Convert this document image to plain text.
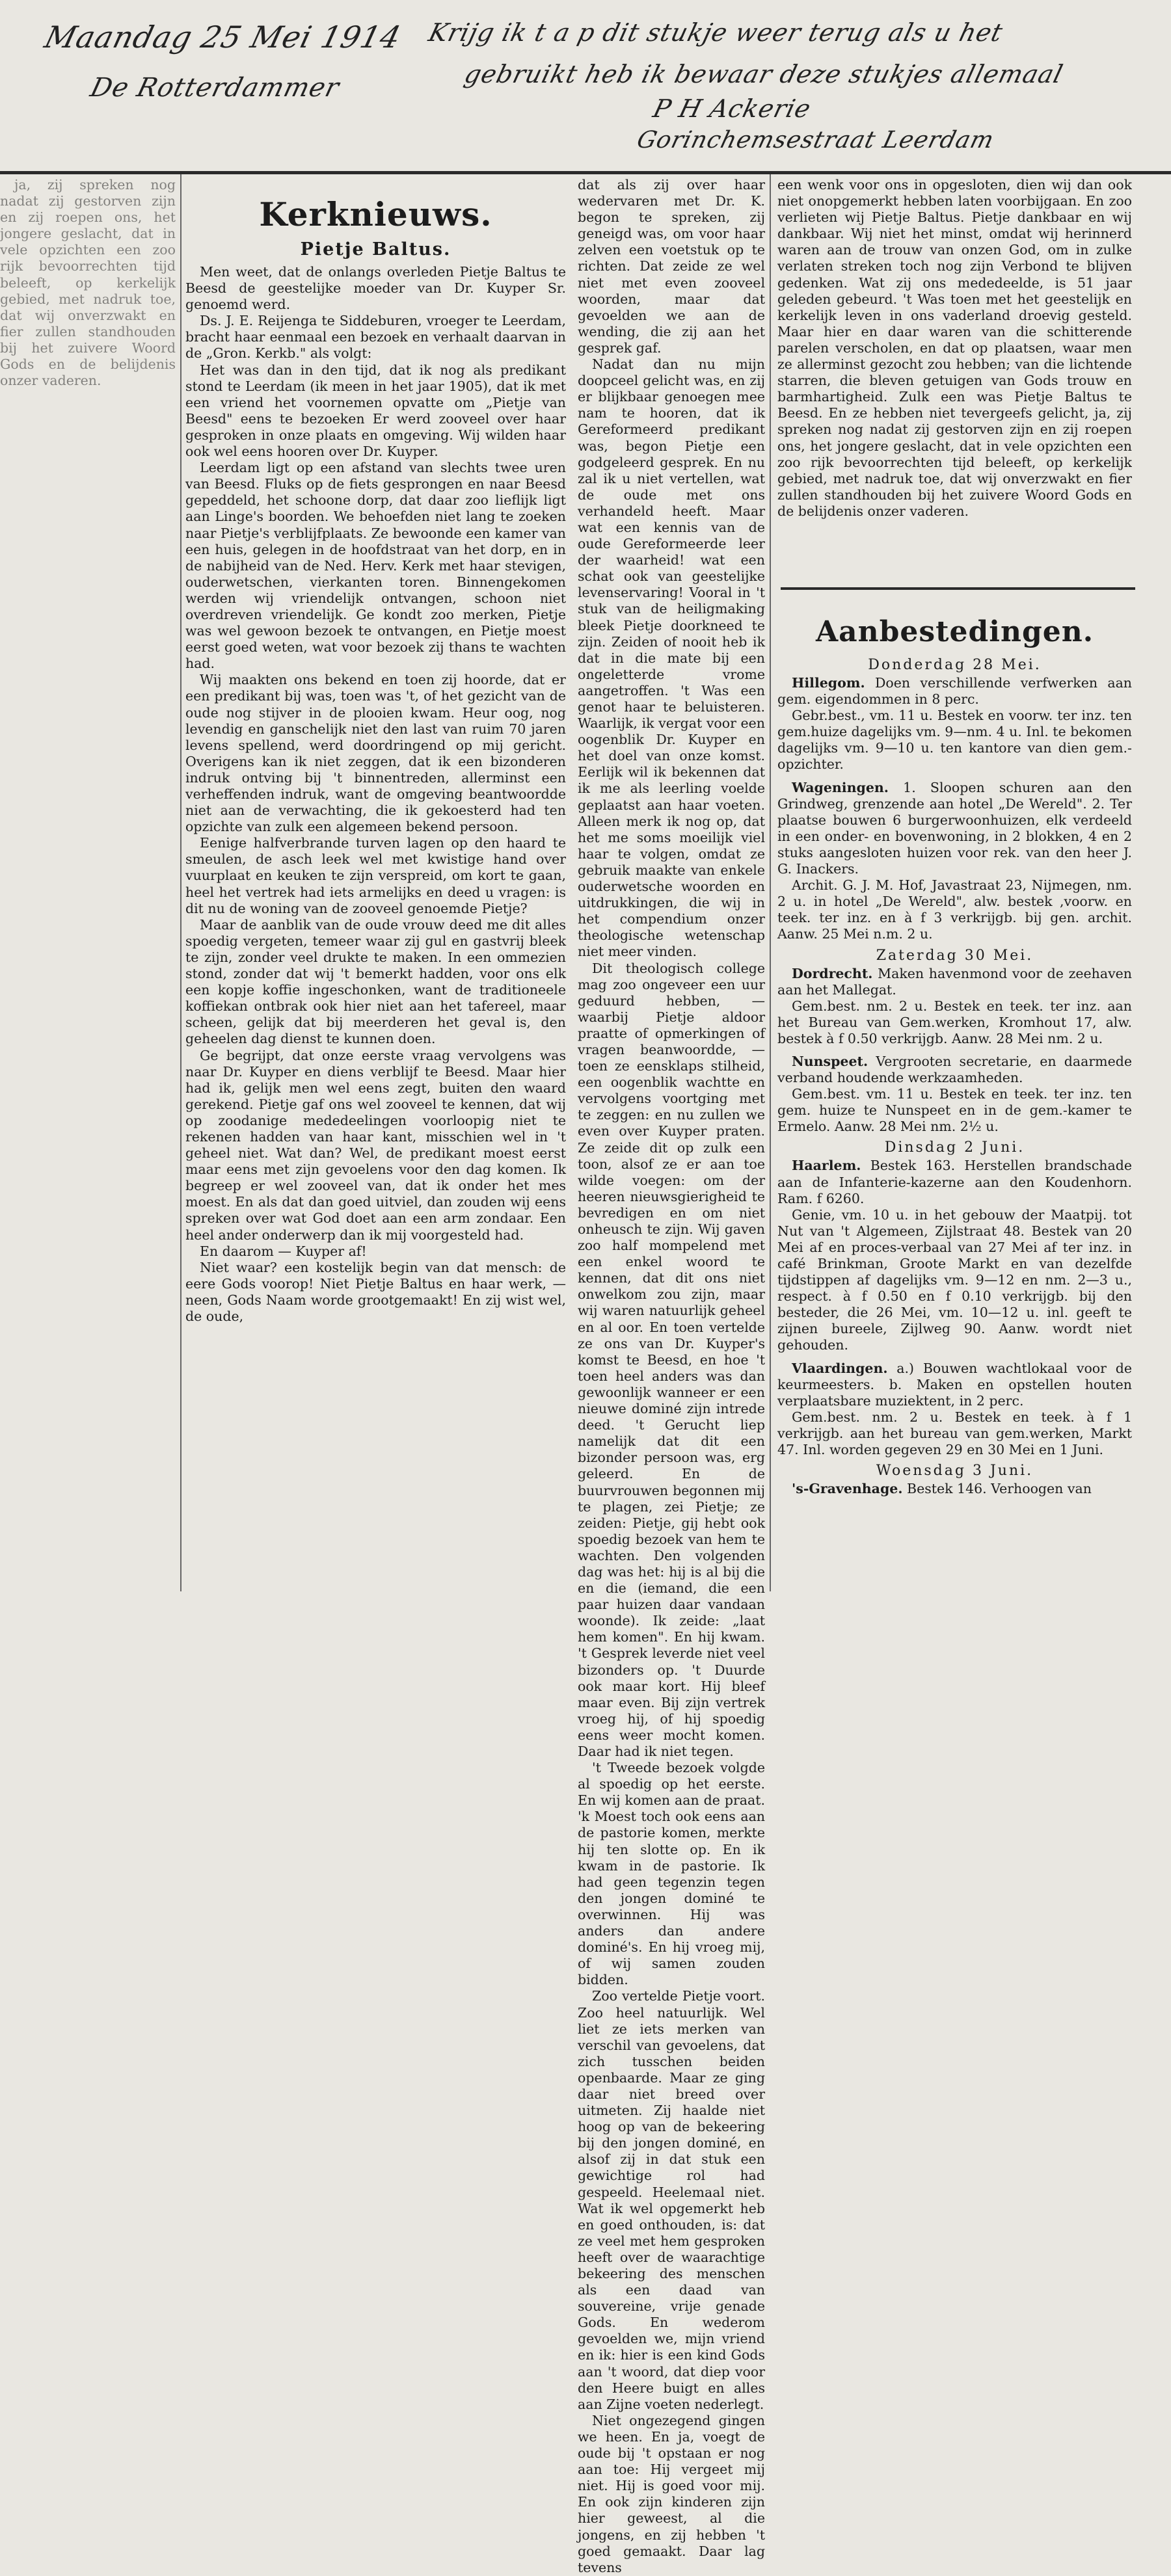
Maandag 25 Mei 1914
De Rotterdammer
Krijg ik t a p dit stukje weer terug als u het
gebruikt heb ik bewaar deze stukjes allemaal
P H Ackerie
Gorinchemsestraat Leerdam

ja, zij spreken nog nadat zij gestorven zijn en zij roepen ons, het jongere geslacht, dat in vele opzichten een zoo rijk bevoorrechten tijd beleeft, op kerkelijk gebied, met nadruk toe, dat wij onverzwakt en fier zullen standhouden bij het zuivere Woord Gods en de belijdenis onzer vaderen.

Kerknieuws.
Pietje Baltus.

Men weet, dat de onlangs overleden Pietje Baltus te Beesd de geestelijke moeder van Dr. Kuyper Sr. genoemd werd.

Ds. J. E. Reijenga te Siddeburen, vroeger te Leerdam, bracht haar eenmaal een bezoek en verhaalt daarvan in de „Gron. Kerkb." als volgt:

Het was dan in den tijd, dat ik nog als predikant stond te Leerdam (ik meen in het jaar 1905), dat ik met een vriend het voornemen opvatte om „Pietje van Beesd" eens te bezoeken Er werd zooveel over haar gesproken in onze plaats en omgeving. Wij wilden haar ook wel eens hooren over Dr. Kuyper.

Leerdam ligt op een afstand van slechts twee uren van Beesd. Fluks op de fiets gesprongen en naar Beesd gepeddeld, het schoone dorp, dat daar zoo lieflijk ligt aan Linge's boorden. We behoefden niet lang te zoeken naar Pietje's verblijfplaats. Ze bewoonde een kamer van een huis, gelegen in de hoofdstraat van het dorp, en in de nabijheid van de Ned. Herv. Kerk met haar stevigen, ouderwetschen, vierkanten toren. Binnengekomen werden wij vriendelijk ontvangen, schoon niet overdreven vriendelijk. Ge kondt zoo merken, Pietje was wel gewoon bezoek te ontvangen, en Pietje moest eerst goed weten, wat voor bezoek zij thans te wachten had.

Wij maakten ons bekend en toen zij hoorde, dat er een predikant bij was, toen was 't, of het gezicht van de oude nog stijver in de plooien kwam. Heur oog, nog levendig en ganschelijk niet den last van ruim 70 jaren levens spellend, werd doordringend op mij gericht. Overigens kan ik niet zeggen, dat ik een bizonderen indruk ontving bij 't binnentreden, allerminst een verheffenden indruk, want de omgeving beantwoordde niet aan de verwachting, die ik gekoesterd had ten opzichte van zulk een algemeen bekend persoon.

Eenige halfverbrande turven lagen op den haard te smeulen, de asch leek wel met kwistige hand over vuurplaat en keuken te zijn verspreid, om kort te gaan, heel het vertrek had iets armelijks en deed u vragen: is dit nu de woning van de zooveel genoemde Pietje?

Maar de aanblik van de oude vrouw deed me dit alles spoedig vergeten, temeer waar zij gul en gastvrij bleek te zijn, zonder veel drukte te maken. In een ommezien stond, zonder dat wij 't bemerkt hadden, voor ons elk een kopje koffie ingeschonken, want de traditioneele koffiekan ontbrak ook hier niet aan het tafereel, maar scheen, gelijk dat bij meerderen het geval is, den geheelen dag dienst te kunnen doen.

Ge begrijpt, dat onze eerste vraag vervolgens was naar Dr. Kuyper en diens verblijf te Beesd. Maar hier had ik, gelijk men wel eens zegt, buiten den waard gerekend. Pietje gaf ons wel zooveel te kennen, dat wij op zoodanige mededeelingen voorloopig niet te rekenen hadden van haar kant, misschien wel in 't geheel niet. Wat dan? Wel, de predikant moest eerst maar eens met zijn gevoelens voor den dag komen. Ik begreep er wel zooveel van, dat ik onder het mes moest. En als dat dan goed uitviel, dan zouden wij eens spreken over wat God doet aan een arm zondaar. Een heel ander onderwerp dan ik mij voorgesteld had.

En daarom — Kuyper af!

Niet waar? een kostelijk begin van dat mensch: de eere Gods voorop! Niet Pietje Baltus en haar werk, — neen, Gods Naam worde grootgemaakt! En zij wist wel, de oude,

dat als zij over haar wedervaren met Dr. K. begon te spreken, zij geneigd was, om voor haar zelven een voetstuk op te richten. Dat zeide ze wel niet met even zooveel woorden, maar dat gevoelden we aan de wending, die zij aan het gesprek gaf.

Nadat dan nu mijn doopceel gelicht was, en zij er blijkbaar genoegen mee nam te hooren, dat ik Gereformeerd predikant was, begon Pietje een godgeleerd gesprek. En nu zal ik u niet vertellen, wat de oude met ons verhandeld heeft. Maar wat een kennis van de oude Gereformeerde leer der waarheid! wat een schat ook van geestelijke levenservaring! Vooral in 't stuk van de heiligmaking bleek Pietje doorkneed te zijn. Zeiden of nooit heb ik dat in die mate bij een ongeletterde vrome aangetroffen. 't Was een genot haar te beluisteren. Waarlijk, ik vergat voor een oogenblik Dr. Kuyper en het doel van onze komst. Eerlijk wil ik bekennen dat ik me als leerling voelde geplaatst aan haar voeten. Alleen merk ik nog op, dat het me soms moeilijk viel haar te volgen, omdat ze gebruik maakte van enkele ouderwetsche woorden en uitdrukkingen, die wij in het compendium onzer theologische wetenschap niet meer vinden.

Dit theologisch college mag zoo ongeveer een uur geduurd hebben, — waarbij Pietje aldoor praatte of opmerkingen of vragen beanwoordde, — toen ze eensklaps stilheid, een oogenblik wachtte en vervolgens voortging met te zeggen: en nu zullen we even over Kuyper praten. Ze zeide dit op zulk een toon, alsof ze er aan toe wilde voegen: om der heeren nieuwsgierigheid te bevredigen en om niet onheusch te zijn. Wij gaven zoo half mompelend met een enkel woord te kennen, dat dit ons niet onwelkom zou zijn, maar wij waren natuurlijk geheel en al oor. En toen vertelde ze ons van Dr. Kuyper's komst te Beesd, en hoe 't toen heel anders was dan gewoonlijk wanneer er een nieuwe dominé zijn intrede deed. 't Gerucht liep namelijk dat dit een bizonder persoon was, erg geleerd. En de buurvrouwen begonnen mij te plagen, zei Pietje; ze zeiden: Pietje, gij hebt ook spoedig bezoek van hem te wachten. Den volgenden dag was het: hij is al bij die en die (iemand, die een paar huizen daar vandaan woonde). Ik zeide: „laat hem komen". En hij kwam. 't Gesprek leverde niet veel bizonders op. 't Duurde ook maar kort. Hij bleef maar even. Bij zijn vertrek vroeg hij, of hij spoedig eens weer mocht komen. Daar had ik niet tegen.

't Tweede bezoek volgde al spoedig op het eerste. En wij komen aan de praat. 'k Moest toch ook eens aan de pastorie komen, merkte hij ten slotte op. En ik kwam in de pastorie. Ik had geen tegenzin tegen den jongen dominé te overwinnen. Hij was anders dan andere dominé's. En hij vroeg mij, of wij samen zouden bidden.

Zoo vertelde Pietje voort. Zoo heel natuurlijk. Wel liet ze iets merken van verschil van gevoelens, dat zich tusschen beiden openbaarde. Maar ze ging daar niet breed over uitmeten. Zij haalde niet hoog op van de bekeering bij den jongen dominé, en alsof zij in dat stuk een gewichtige rol had gespeeld. Heelemaal niet. Wat ik wel opgemerkt heb en goed onthouden, is: dat ze veel met hem gesproken heeft over de waarachtige bekeering des menschen als een daad van souvereine, vrije genade Gods. En wederom gevoelden we, mijn vriend en ik: hier is een kind Gods aan 't woord, dat diep voor den Heere buigt en alles aan Zijne voeten nederlegt.

Niet ongezegend gingen we heen. En ja, voegt de oude bij 't opstaan er nog aan toe: Hij vergeet mij niet. Hij is goed voor mij. En ook zijn kinderen zijn hier geweest, al die jongens, en zij hebben 't goed gemaakt. Daar lag tevens

een wenk voor ons in opgesloten, dien wij dan ook niet onopgemerkt hebben laten voorbijgaan. En zoo verlieten wij Pietje Baltus. Pietje dankbaar en wij dankbaar. Wij niet het minst, omdat wij herinnerd waren aan de trouw van onzen God, om in zulke verlaten streken toch nog zijn Verbond te blijven gedenken. Wat zij ons mededeelde, is 51 jaar geleden gebeurd. 't Was toen met het geestelijk en kerkelijk leven in ons vaderland droevig gesteld. Maar hier en daar waren van die schitterende parelen verscholen, en dat op plaatsen, waar men ze allerminst gezocht zou hebben; van die lichtende starren, die bleven getuigen van Gods trouw en barmhartigheid. Zulk een was Pietje Baltus te Beesd. En ze hebben niet tevergeefs gelicht, ja, zij spreken nog nadat zij gestorven zijn en zij roepen ons, het jongere geslacht, dat in vele opzichten een zoo rijk bevoorrechten tijd beleeft, op kerkelijk gebied, met nadruk toe, dat wij onverzwakt en fier zullen standhouden bij het zuivere Woord Gods en de belijdenis onzer vaderen.

Aanbestedingen.
Donderdag 28 Mei.

Hillegom. Doen verschillende verfwerken aan gem. eigendommen in 8 perc.

Gebr.best., vm. 11 u. Bestek en voorw. ter inz. ten gem.huize dagelijks vm. 9—nm. 4 u. Inl. te bekomen dagelijks vm. 9—10 u. ten kantore van dien gem.-opzichter.

Wageningen. 1. Sloopen schuren aan den Grindweg, grenzende aan hotel „De Wereld". 2. Ter plaatse bouwen 6 burgerwoonhuizen, elk verdeeld in een onder- en bovenwoning, in 2 blokken, 4 en 2 stuks aangesloten huizen voor rek. van den heer J. G. Inackers.

Archit. G. J. M. Hof, Javastraat 23, Nijmegen, nm. 2 u. in hotel „De Wereld", alw. bestek ,voorw. en teek. ter inz. en à f 3 verkrijgb. bij gen. archit. Aanw. 25 Mei n.m. 2 u.

Zaterdag 30 Mei.

Dordrecht. Maken havenmond voor de zeehaven aan het Mallegat.

Gem.best. nm. 2 u. Bestek en teek. ter inz. aan het Bureau van Gem.werken, Kromhout 17, alw. bestek à f 0.50 verkrijgb. Aanw. 28 Mei nm. 2 u.

Nunspeet. Vergrooten secretarie, en daarmede verband houdende werkzaamheden.

Gem.best. vm. 11 u. Bestek en teek. ter inz. ten gem. huize te Nunspeet en in de gem.-kamer te Ermelo. Aanw. 28 Mei nm. 2½ u.

Dinsdag 2 Juni.

Haarlem. Bestek 163. Herstellen brandschade aan de Infanterie-kazerne aan den Koudenhorn. Ram. f 6260.

Genie, vm. 10 u. in het gebouw der Maatpij. tot Nut van 't Algemeen, Zijlstraat 48. Bestek van 20 Mei af en proces-verbaal van 27 Mei af ter inz. in café Brinkman, Groote Markt en van dezelfde tijdstippen af dagelijks vm. 9—12 en nm. 2—3 u., respect. à f 0.50 en f 0.10 verkrijgb. bij den besteder, die 26 Mei, vm. 10—12 u. inl. geeft te zijnen bureele, Zijlweg 90. Aanw. wordt niet gehouden.

Vlaardingen. a.) Bouwen wachtlokaal voor de keurmeesters. b. Maken en opstellen houten verplaatsbare muziektent, in 2 perc.

Gem.best. nm. 2 u. Bestek en teek. à f 1 verkrijgb. aan het bureau van gem.werken, Markt 47. Inl. worden gegeven 29 en 30 Mei en 1 Juni.

Woensdag 3 Juni.

's-Gravenhage. Bestek 146. Verhoogen van
